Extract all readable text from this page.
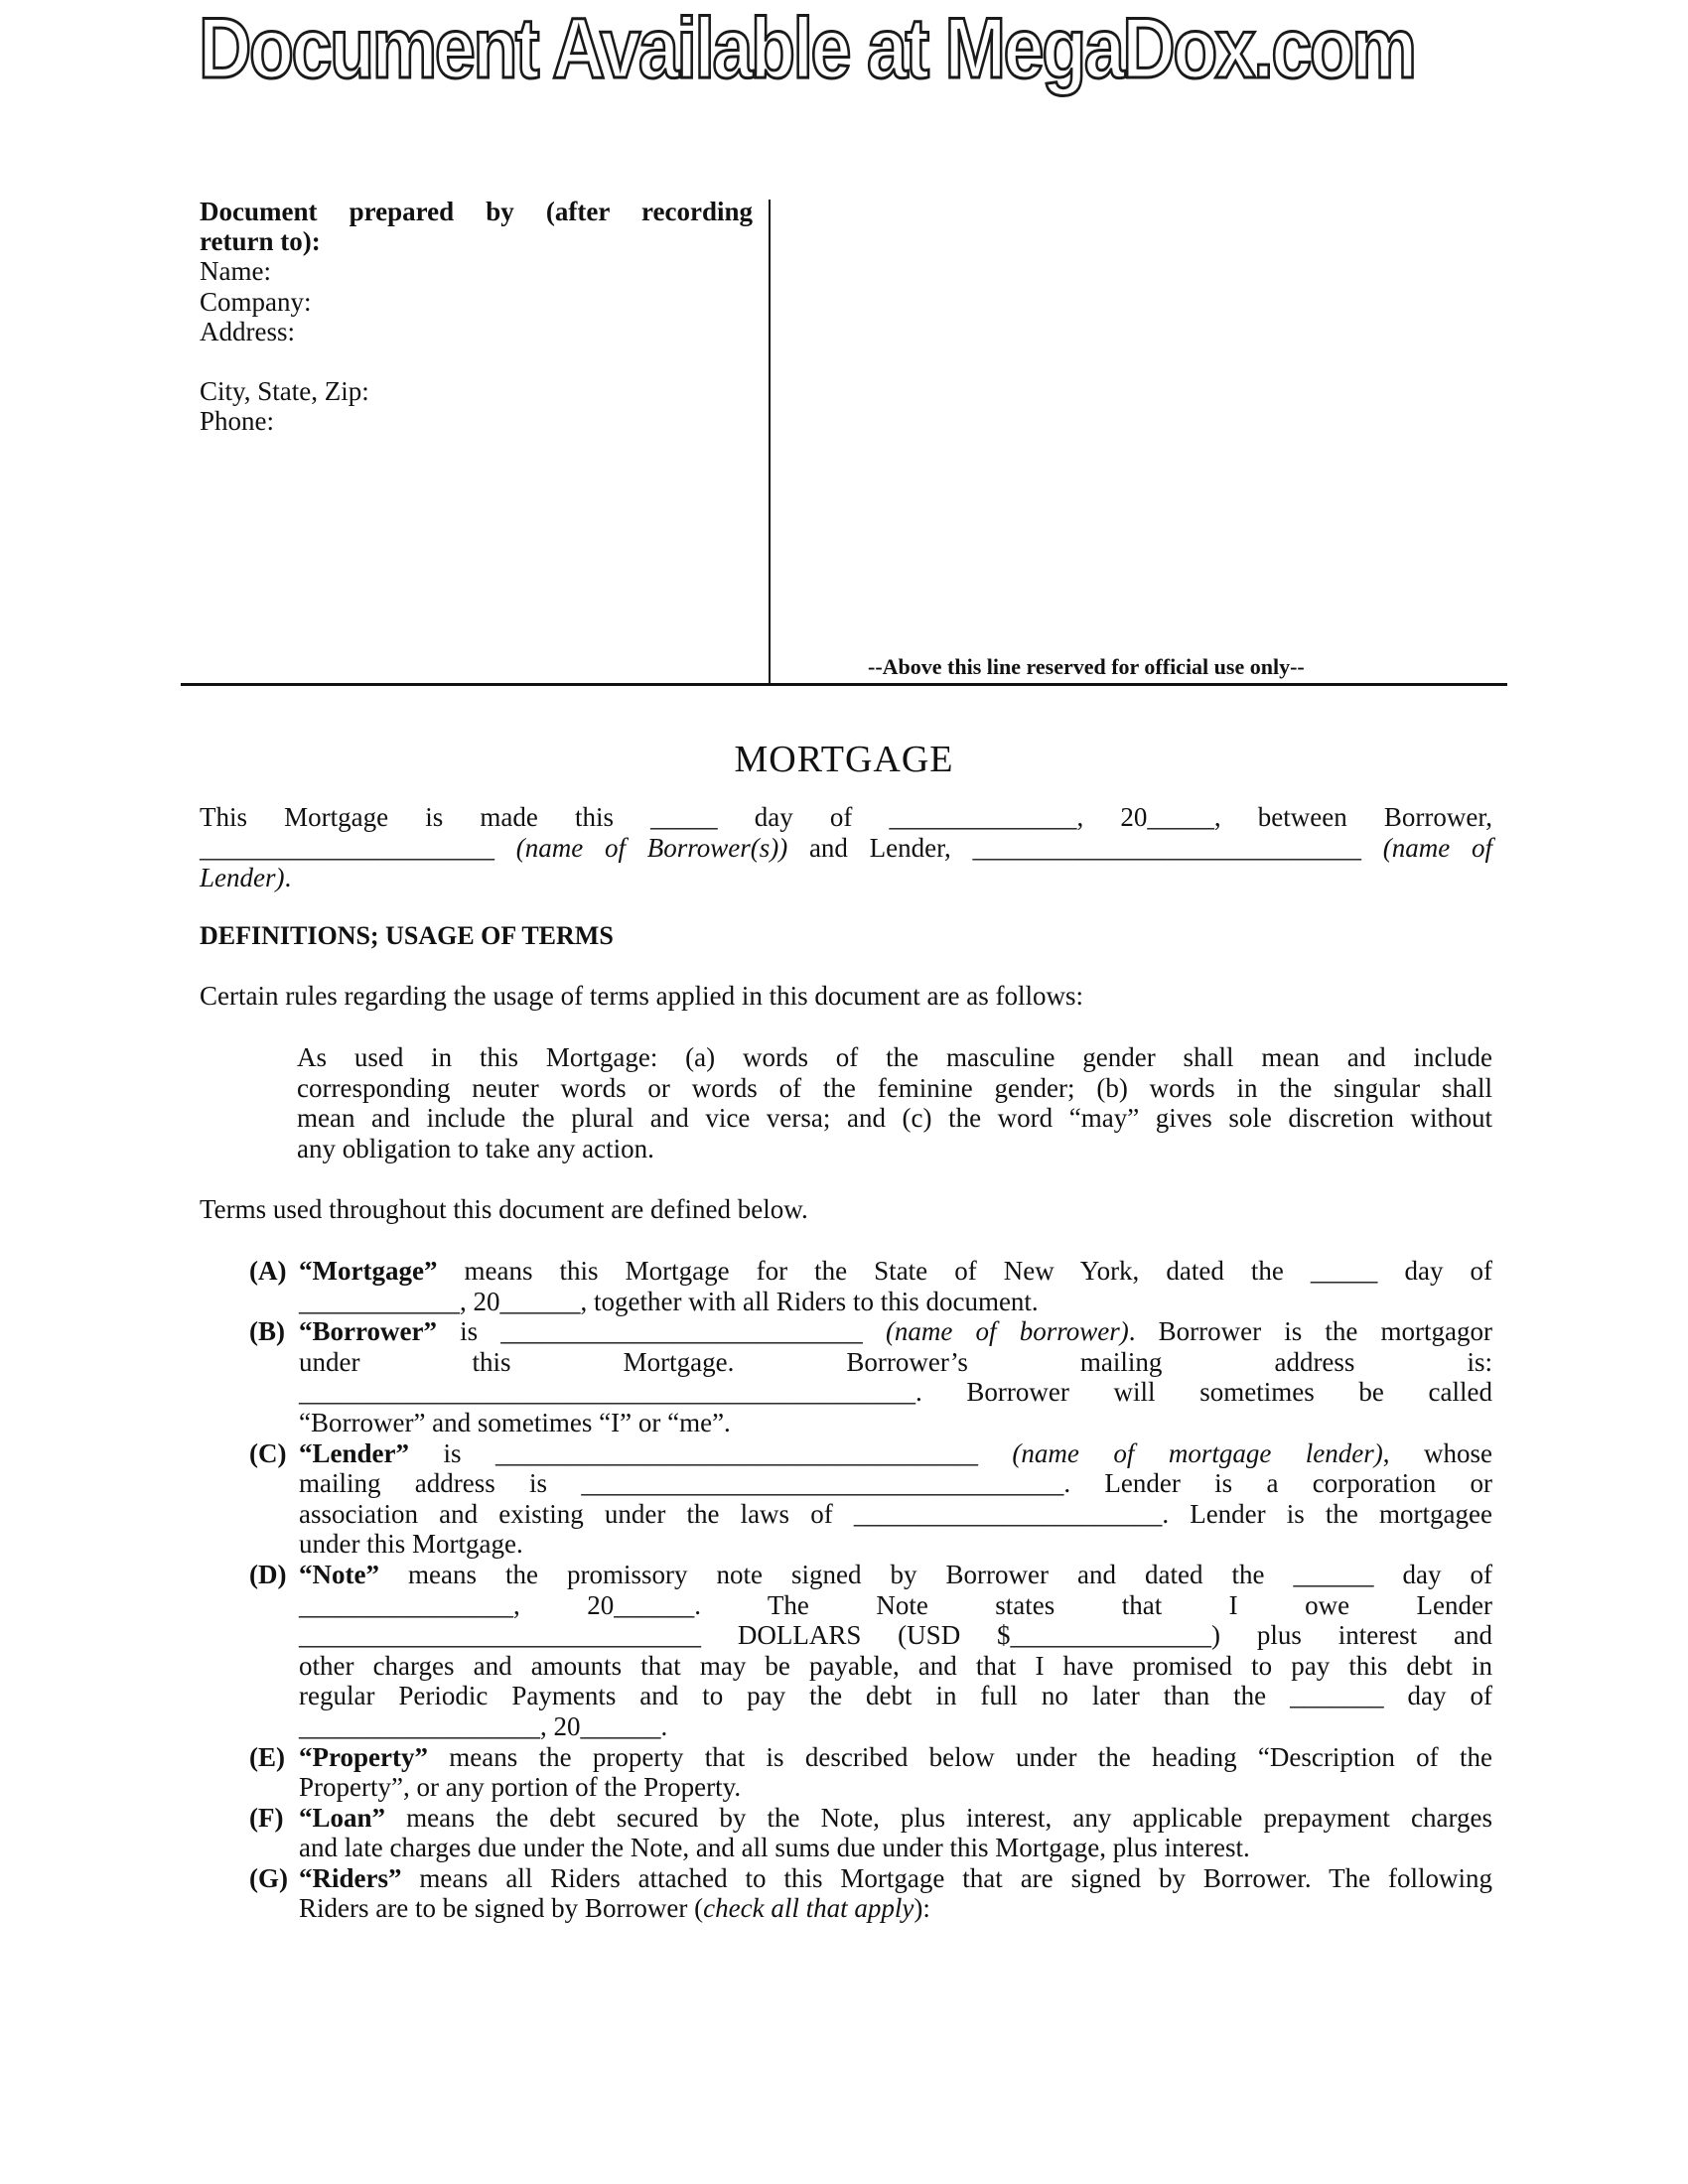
Document Available at MegaDox.com
Document prepared by (after recording
return to):
Name:
Company:
Address:
City, State, Zip:
Phone:
--Above this line reserved for official use only--
MORTGAGE
This Mortgage is made this _____ day of ______________, 20_____, between Borrower,
______________________ (name of Borrower(s)) and Lender, _____________________________ (name of
Lender).
DEFINITIONS; USAGE OF TERMS
Certain rules regarding the usage of terms applied in this document are as follows:
As used in this Mortgage: (a) words of the masculine gender shall mean and include
corresponding neuter words or words of the feminine gender; (b) words in the singular shall
mean and include the plural and vice versa; and (c) the word “may” gives sole discretion without
any obligation to take any action.
Terms used throughout this document are defined below.
(A) “Mortgage” means this Mortgage for the State of New York, dated the _____ day of
____________, 20______, together with all Riders to this document.
(B) “Borrower” is ___________________________ (name of borrower). Borrower is the mortgagor
under this Mortgage. Borrower’s mailing address is:
______________________________________________. Borrower will sometimes be called
“Borrower” and sometimes “I” or “me”.
(C) “Lender” is ____________________________________ (name of mortgage lender), whose
mailing address is ____________________________________. Lender is a corporation or
association and existing under the laws of _______________________. Lender is the mortgagee
under this Mortgage.
(D) “Note” means the promissory note signed by Borrower and dated the ______ day of
________________, 20______. The Note states that I owe Lender
______________________________ DOLLARS (USD $_______________) plus interest and
other charges and amounts that may be payable, and that I have promised to pay this debt in
regular Periodic Payments and to pay the debt in full no later than the _______ day of
__________________, 20______.
(E) “Property” means the property that is described below under the heading “Description of the
Property”, or any portion of the Property.
(F) “Loan” means the debt secured by the Note, plus interest, any applicable prepayment charges
and late charges due under the Note, and all sums due under this Mortgage, plus interest.
(G) “Riders” means all Riders attached to this Mortgage that are signed by Borrower. The following
Riders are to be signed by Borrower (check all that apply):
